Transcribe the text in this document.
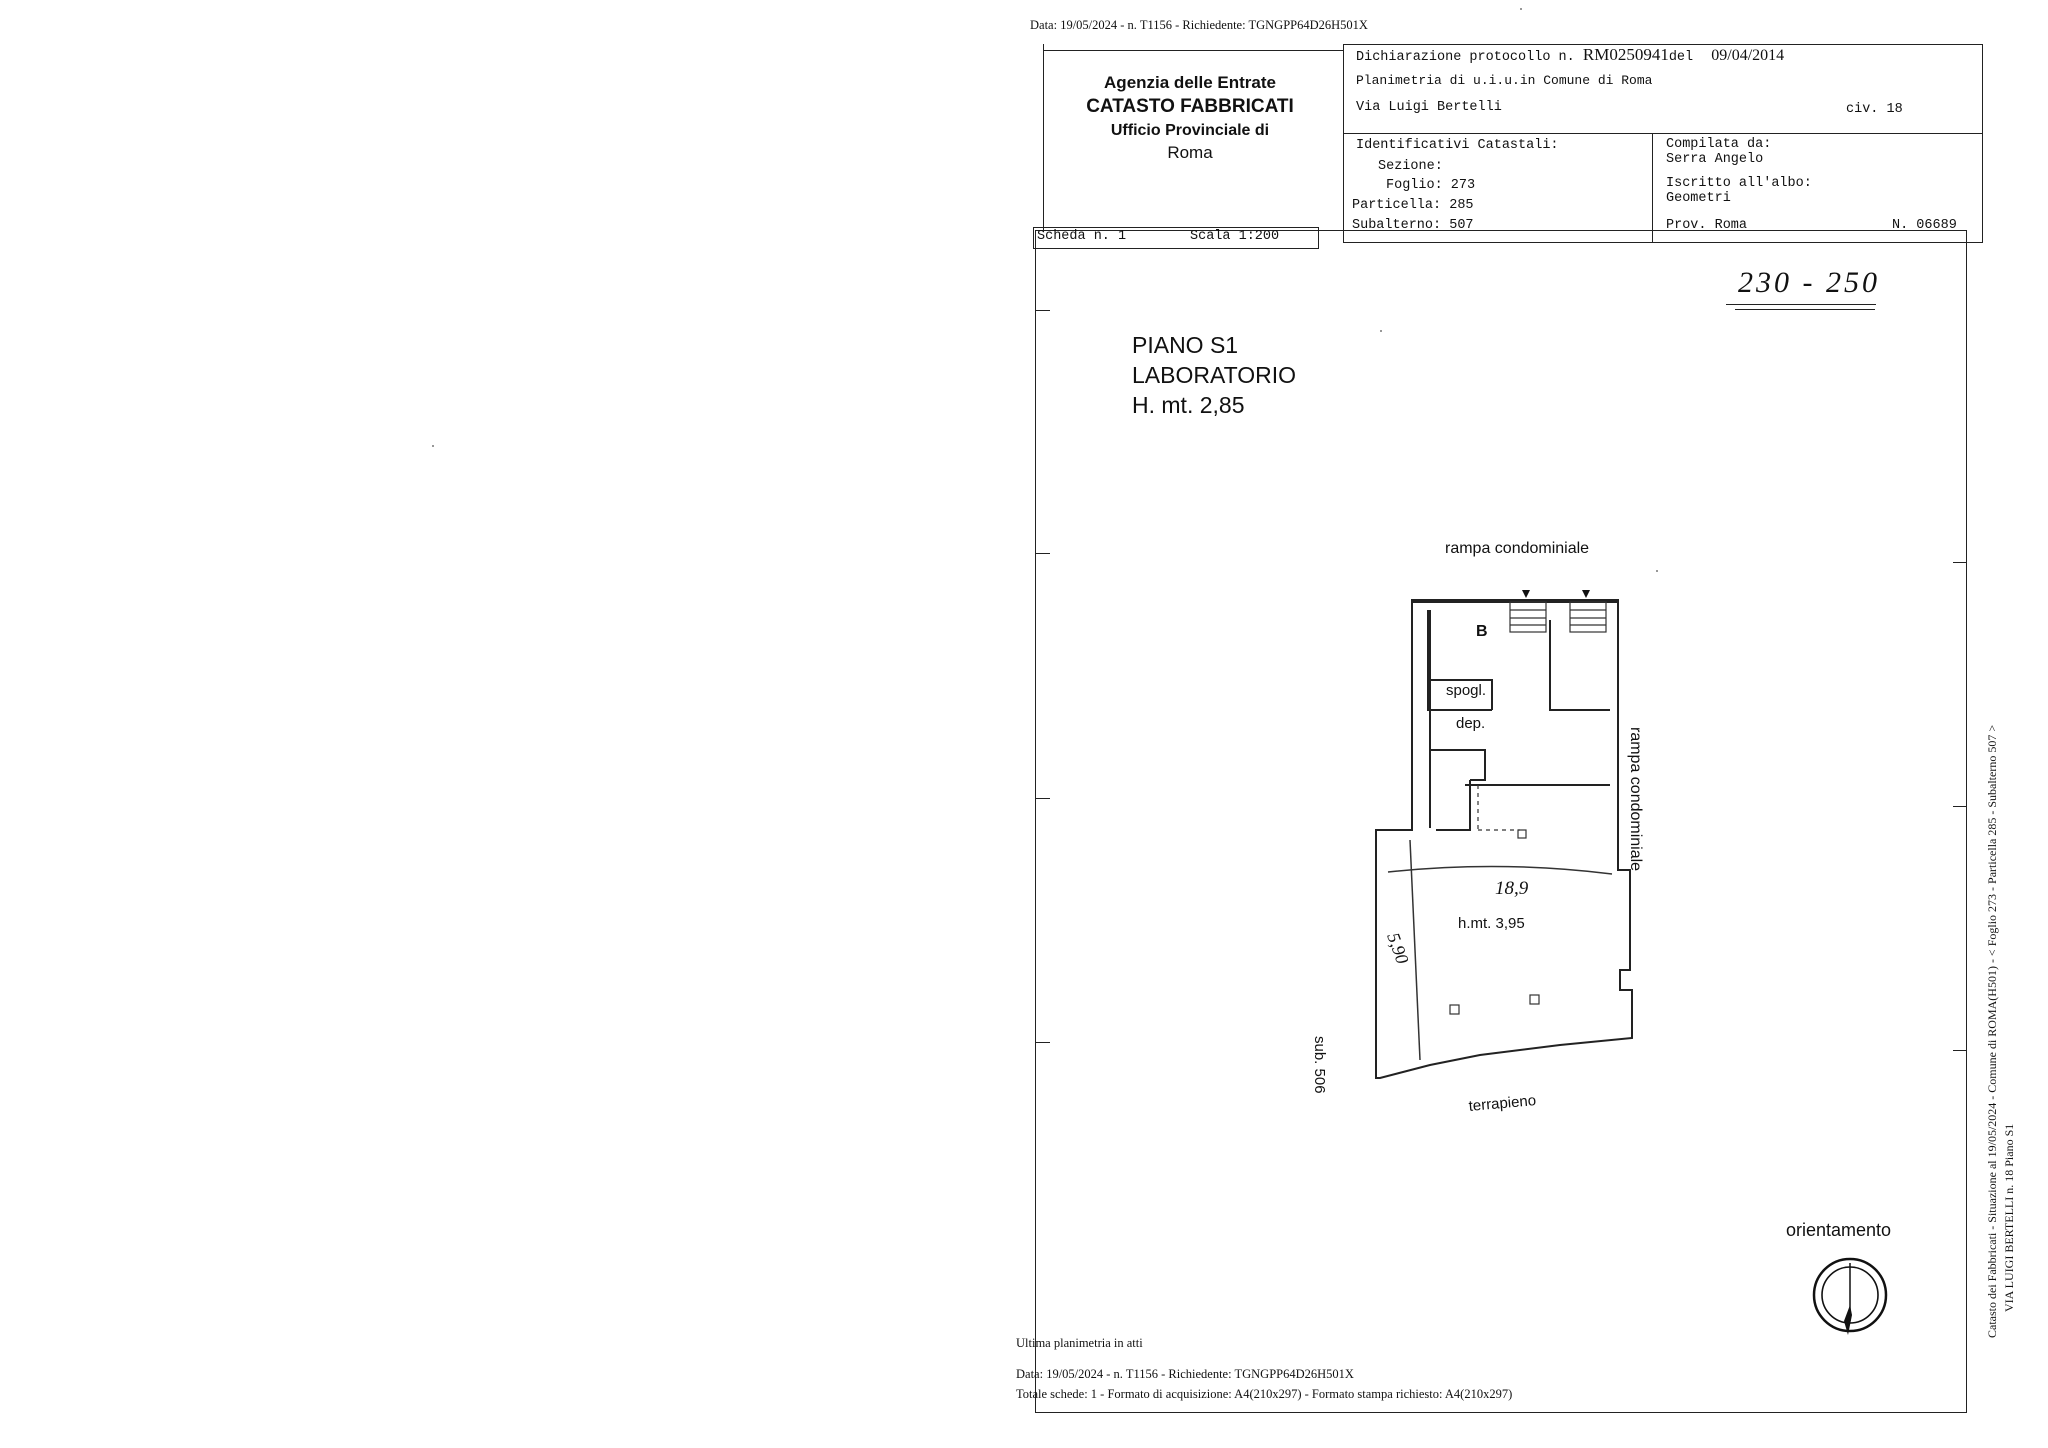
Data: 19/05/2024 - n. T1156 - Richiedente: TGNGPP64D26H501X
Agenzia delle Entrate
CATASTO FABBRICATI
Ufficio Provinciale di
Roma
Dichiarazione protocollo n. RM0250941del 09/04/2014
Planimetria di u.i.u.in Comune di Roma
Via Luigi Bertelli	civ. 18
Identificativi Catastali:
Sezione:
Foglio: 273
Particella: 285
Subalterno: 507
Compilata da:
Serra Angelo
Iscritto all'albo:
Geometri
Prov. Roma	N. 06689
Scheda n. 1	Scala 1:200
230 - 250
PIANO S1
LABORATORIO
H. mt. 2,85
rampa condominiale
B
spogl.
dep.
h.mt. 3,95
18,9
5,90
rampa condominiale
sub. 506
terrapieno
orientamento
Ultima planimetria in atti
Data: 19/05/2024 - n. T1156 - Richiedente: TGNGPP64D26H501X
Totale schede: 1 - Formato di acquisizione: A4(210x297) - Formato stampa richiesto: A4(210x297)
Catasto dei Fabbricati - Situazione al 19/05/2024 - Comune di ROMA(H501) - < Foglio 273 - Particella 285 - Subalterno 507 > VIA LUIGI BERTELLI n. 18 Piano S1
